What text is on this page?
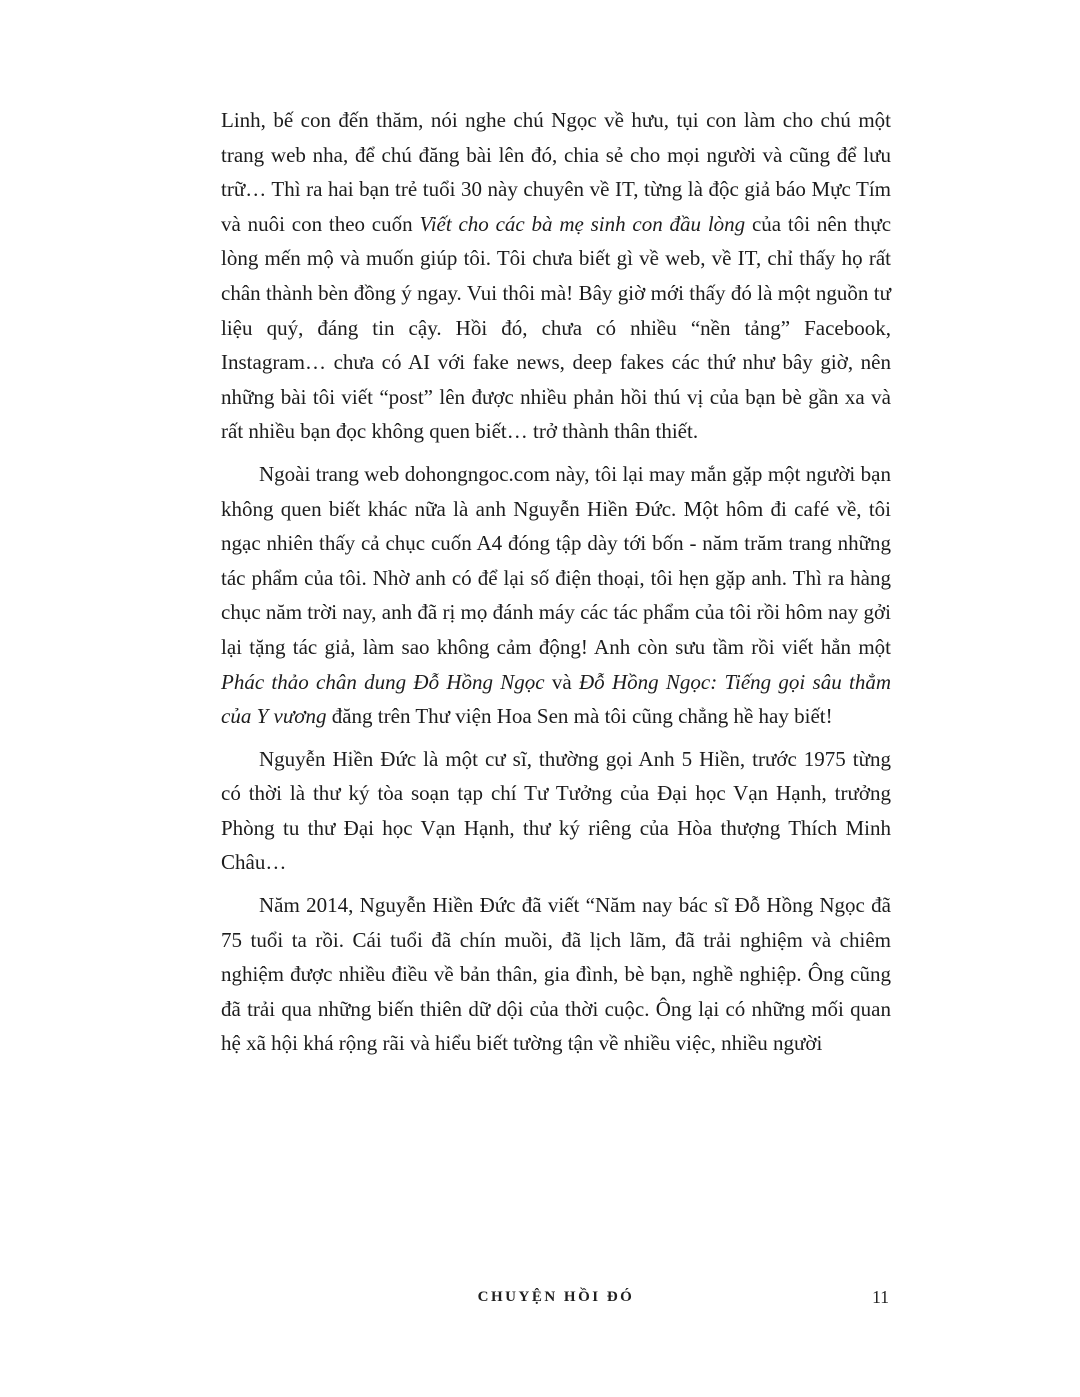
Linh, bế con đến thăm, nói nghe chú Ngọc về hưu, tụi con làm cho chú một trang web nha, để chú đăng bài lên đó, chia sẻ cho mọi người và cũng để lưu trữ… Thì ra hai bạn trẻ tuổi 30 này chuyên về IT, từng là độc giả báo Mực Tím và nuôi con theo cuốn Viết cho các bà mẹ sinh con đầu lòng của tôi nên thực lòng mến mộ và muốn giúp tôi. Tôi chưa biết gì về web, về IT, chỉ thấy họ rất chân thành bèn đồng ý ngay. Vui thôi mà! Bây giờ mới thấy đó là một nguồn tư liệu quý, đáng tin cậy. Hồi đó, chưa có nhiều “nền tảng” Facebook, Instagram… chưa có AI với fake news, deep fakes các thứ như bây giờ, nên những bài tôi viết “post” lên được nhiều phản hồi thú vị của bạn bè gần xa và rất nhiều bạn đọc không quen biết… trở thành thân thiết.

Ngoài trang web dohongngoc.com này, tôi lại may mắn gặp một người bạn không quen biết khác nữa là anh Nguyễn Hiền Đức. Một hôm đi café về, tôi ngạc nhiên thấy cả chục cuốn A4 đóng tập dày tới bốn - năm trăm trang những tác phẩm của tôi. Nhờ anh có để lại số điện thoại, tôi hẹn gặp anh. Thì ra hàng chục năm trời nay, anh đã rị mọ đánh máy các tác phẩm của tôi rồi hôm nay gởi lại tặng tác giả, làm sao không cảm động! Anh còn sưu tầm rồi viết hẳn một Phác thảo chân dung Đỗ Hồng Ngọc và Đỗ Hồng Ngọc: Tiếng gọi sâu thẳm của Y vương đăng trên Thư viện Hoa Sen mà tôi cũng chẳng hề hay biết!

Nguyễn Hiền Đức là một cư sĩ, thường gọi Anh 5 Hiền, trước 1975 từng có thời là thư ký tòa soạn tạp chí Tư Tưởng của Đại học Vạn Hạnh, trưởng Phòng tu thư Đại học Vạn Hạnh, thư ký riêng của Hòa thượng Thích Minh Châu…

Năm 2014, Nguyễn Hiền Đức đã viết “Năm nay bác sĩ Đỗ Hồng Ngọc đã 75 tuổi ta rồi. Cái tuổi đã chín muồi, đã lịch lãm, đã trải nghiệm và chiêm nghiệm được nhiều điều về bản thân, gia đình, bè bạn, nghề nghiệp. Ông cũng đã trải qua những biến thiên dữ dội của thời cuộc. Ông lại có những mối quan hệ xã hội khá rộng rãi và hiểu biết tường tận về nhiều việc, nhiều người

CHUYỆN HỒI ĐÓ	11
